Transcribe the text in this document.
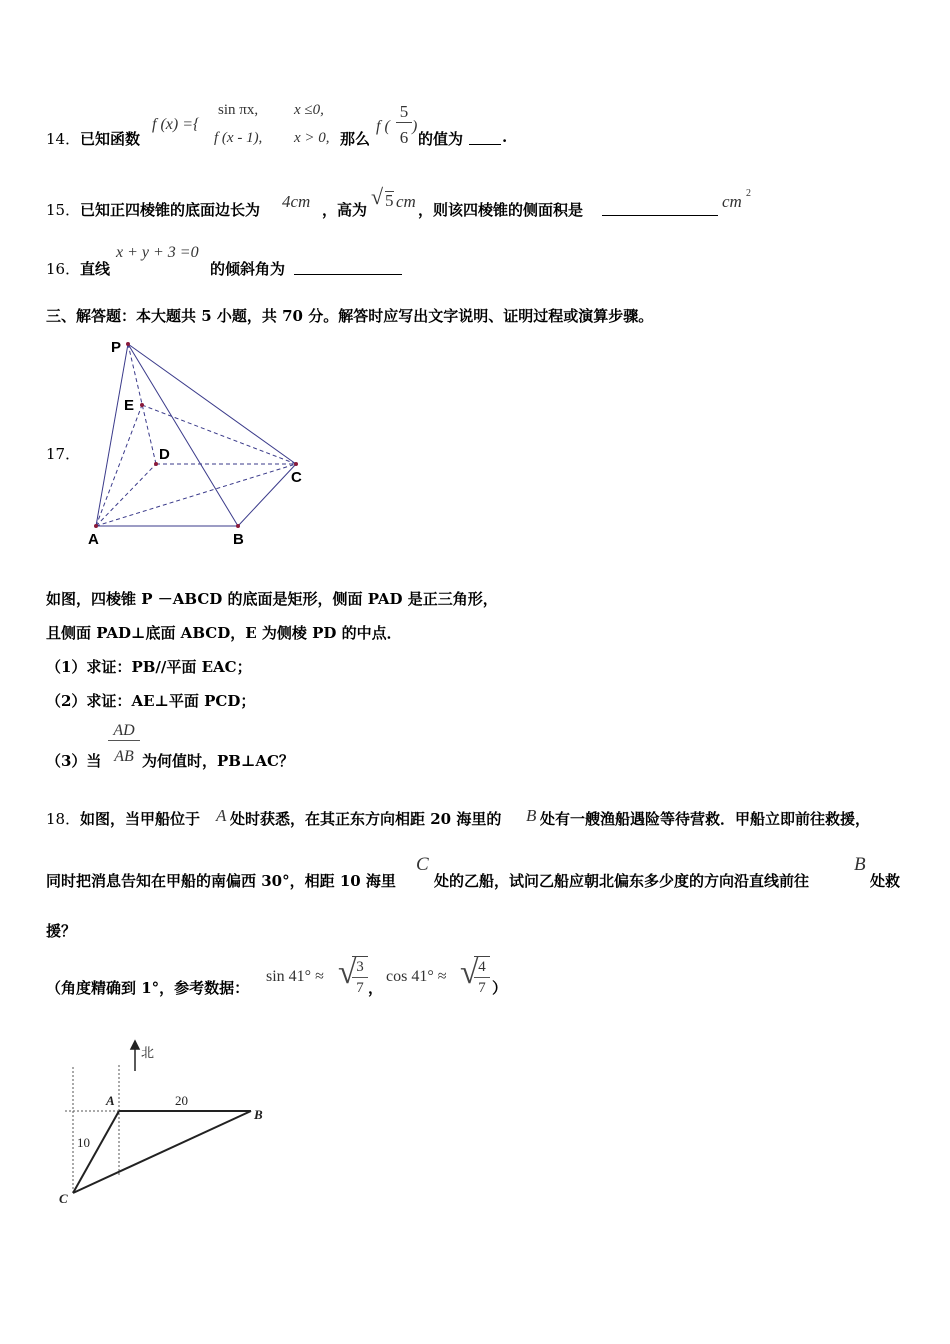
14． 已知函数
f (x) ={
sin πx, x ≤0,
f (x - 1), x > 0, 那么
f (
5
6
)
的值为	.
15． 已知正四棱锥的底面边长为 4cm ，高为
√ 5 cm ，则该四棱锥的侧面积是	cm 2
16． 直线
x + y + 3 =0
的倾斜角为
三、解答题：本大题共 5 小题，共 70 分。解答时应写出文字说明、证明过程或演算步骤。
17．
P
E
D
C
A	B
如图，四棱锥 P －ABCD 的底面是矩形，侧面 PAD 是正三角形，
且侧面 PAD⊥底面 ABCD，E 为侧棱 PD 的中点．
（1）求证：PB//平面 EAC；
（2）求证：AE⊥平面 PCD；
（3）当
AD
AB 为何值时，PB⊥AC？
18． 如图，当甲船位于 A 处时获悉，在其正东方向相距 20 海里的 B 处有一艘渔船遇险等待营救．甲船立即前往救援，
同时把消息告知在甲船的南偏西 30°，相距 10 海里
C
处的乙船，试问乙船应朝北偏东多少度的方向沿直线前往
B
处救
援？
（角度精确到 1°，参考数据：
sin 41° ≈ √ 3
7 ，
cos 41° ≈ √ 4
7 ）
北
A
B
C
20
10
